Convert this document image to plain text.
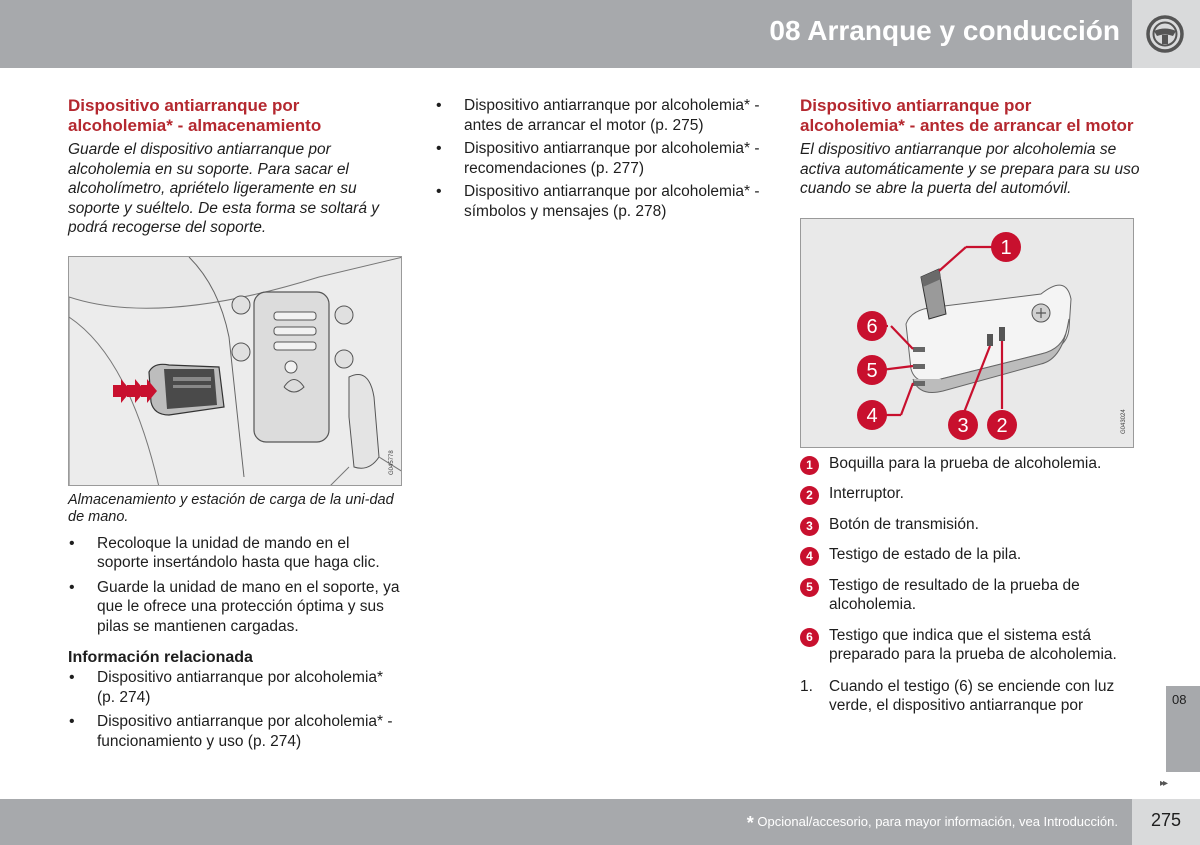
08 Arranque y conducción
Dispositivo antiarranque por alcoholemia* - almacenamiento
Guarde el dispositivo antiarranque por alcoholemia en su soporte. Para sacar el alcoholímetro, apriételo ligeramente en su soporte y suéltelo. De esta forma se soltará y podrá recogerse del soporte.
G045778
Almacenamiento y estación de carga de la uni-dad de mano.
• Recoloque la unidad de mando en el soporte insertándolo hasta que haga clic.
• Guarde la unidad de mano en el soporte, ya que le ofrece una protección óptima y sus pilas se mantienen cargadas.
Información relacionada
• Dispositivo antiarranque por alcoholemia* (p. 274)
• Dispositivo antiarranque por alcoholemia* - funcionamiento y uso (p. 274)
• Dispositivo antiarranque por alcoholemia* - antes de arrancar el motor (p. 275)
• Dispositivo antiarranque por alcoholemia* - recomendaciones (p. 277)
• Dispositivo antiarranque por alcoholemia* - símbolos y mensajes (p. 278)
Dispositivo antiarranque por alcoholemia* - antes de arrancar el motor
El dispositivo antiarranque por alcoholemia se activa automáticamente y se prepara para su uso cuando se abre la puerta del automóvil.
1
6
5
4	3 2	G043024
1	Boquilla para la prueba de alcoholemia.
2	Interruptor.
3	Botón de transmisión.
4	Testigo de estado de la pila.
5	Testigo de resultado de la prueba de alcoholemia.
6	Testigo que indica que el sistema está preparado para la prueba de alcoholemia.
1. Cuando el testigo (6) se enciende con luz verde, el dispositivo antiarranque por	08
▸▸
* Opcional/accesorio, para mayor información, vea Introducción.	275
